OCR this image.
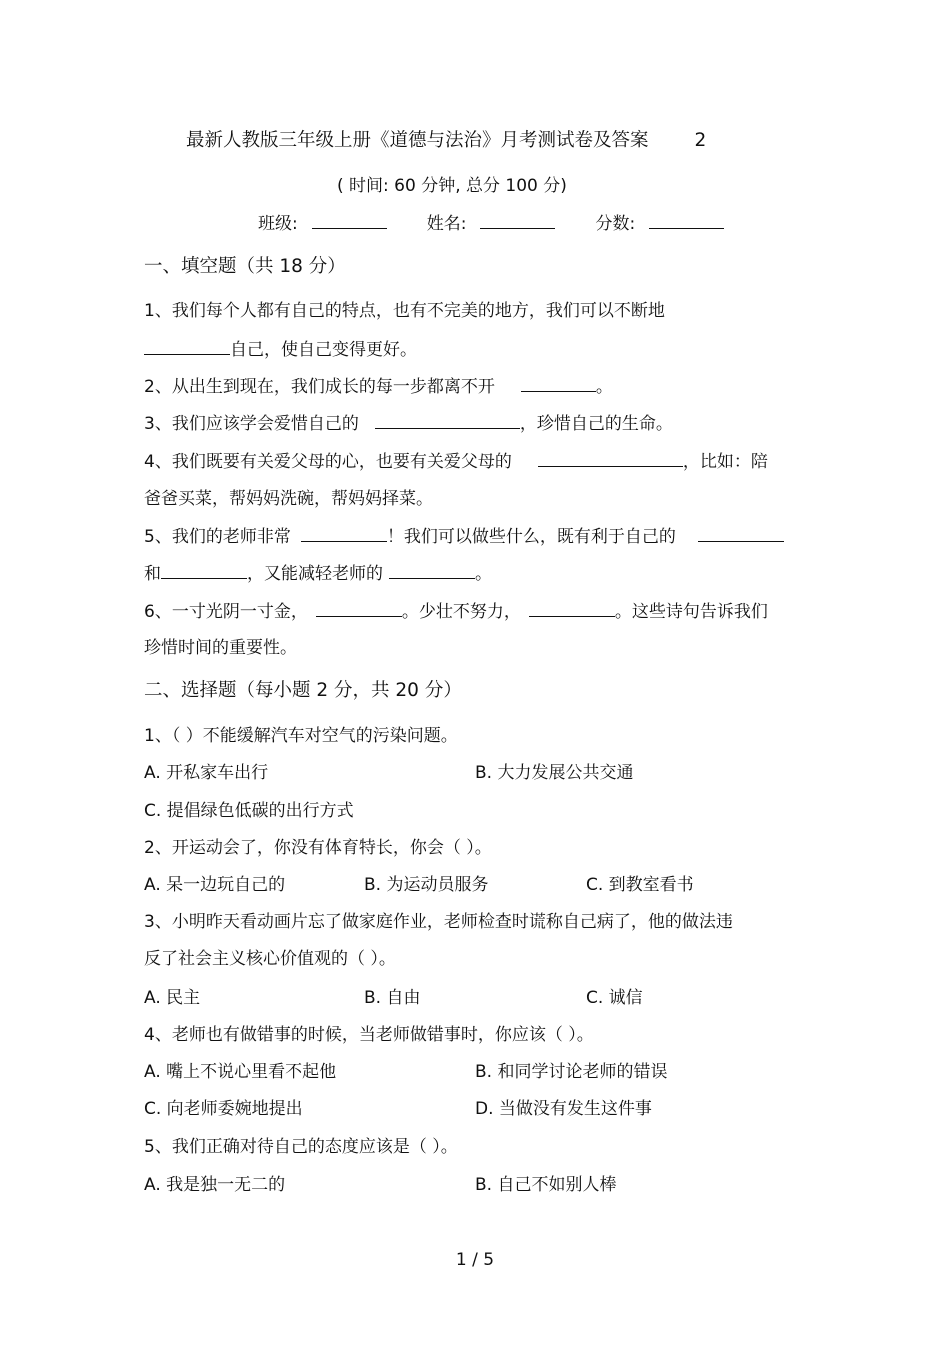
最新人教版三年级上册《道德与法治》月考测试卷及答案 2
( 时间: 60 分钟, 总分 100 分)
班级:	姓名:	分数:
一、填空题（共 18 分）
1、我们每个人都有自己的特点，也有不完美的地方，我们可以不断地
自己，使自己变得更好。
2、从出生到现在，我们成长的每一步都离不开	。
3、我们应该学会爱惜自己的	，珍惜自己的生命。
4、我们既要有关爱父母的心，也要有关爱父母的	，比如：陪
爸爸买菜，帮妈妈洗碗，帮妈妈择菜。
5、我们的老师非常	！我们可以做些什么，既有利于自己的
和	，又能减轻老师的	。
6、一寸光阴一寸金，	。少壮不努力，	。这些诗句告诉我们
珍惜时间的重要性。
二、选择题（每小题 2 分，共 20 分）
1、（ ）不能缓解汽车对空气的污染问题。
A. 开私家车出行	B. 大力发展公共交通
C. 提倡绿色低碳的出行方式
2、开运动会了，你没有体育特长，你会（ ）。
A. 呆一边玩自己的	B. 为运动员服务	C. 到教室看书
3、小明昨天看动画片忘了做家庭作业，老师检查时谎称自己病了，他的做法违
反了社会主义核心价值观的（ ）。
A. 民主	B. 自由	C. 诚信
4、老师也有做错事的时候，当老师做错事时，你应该（ ）。
A. 嘴上不说心里看不起他	B. 和同学讨论老师的错误
C. 向老师委婉地提出	D. 当做没有发生这件事
5、我们正确对待自己的态度应该是（ ）。
A. 我是独一无二的	B. 自己不如别人棒
1 / 5
